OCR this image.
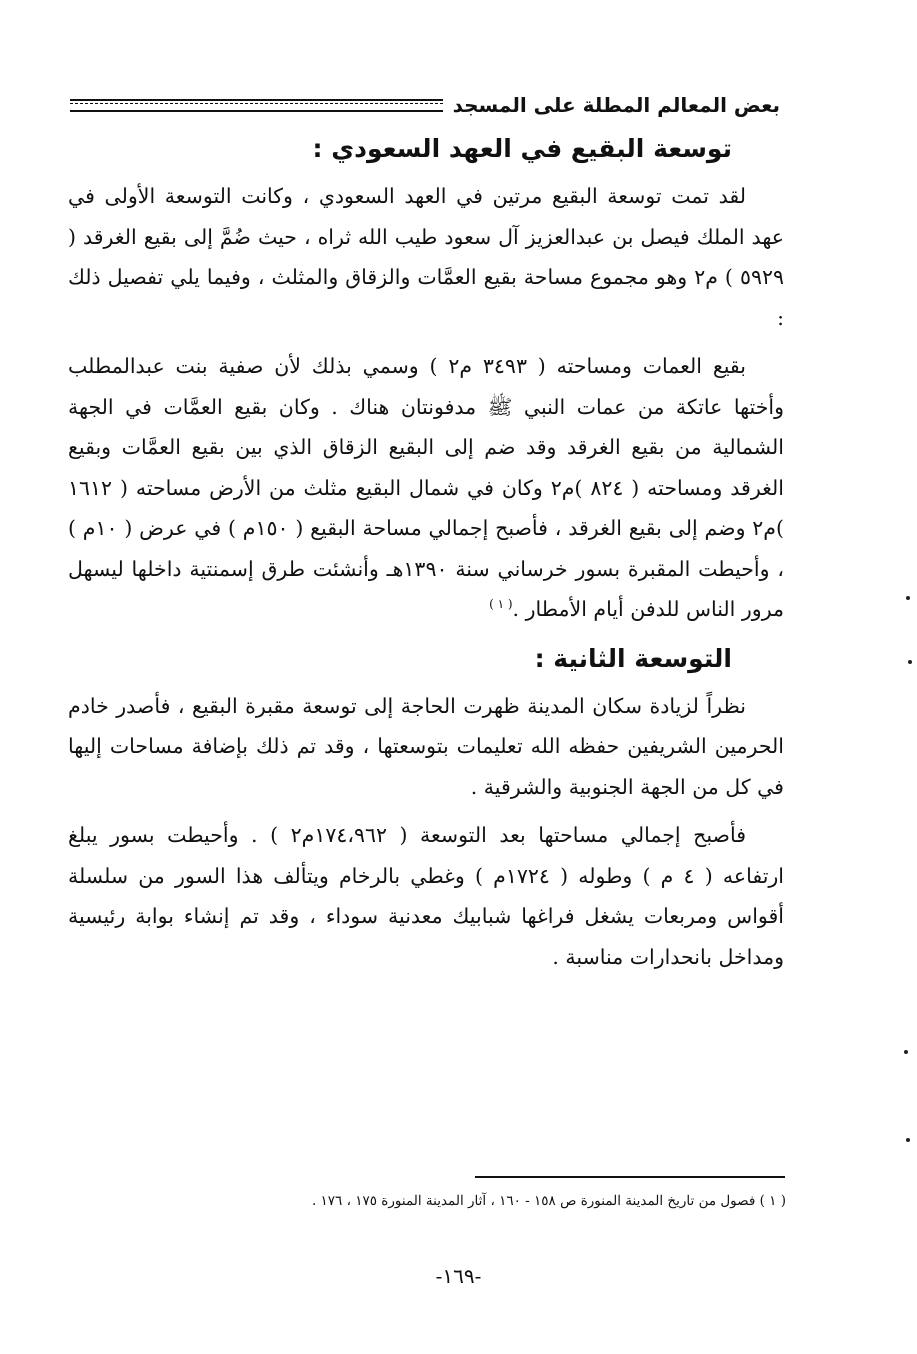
بعض المعالم المطلة على المسجد
توسعة البقيع في العهد السعودي :

لقد تمت توسعة البقيع مرتين في العهد السعودي ، وكانت التوسعة الأولى في عهد الملك فيصل بن عبدالعزيز آل سعود طيب الله ثراه ، حيث ضُمَّ إلى بقيع الغرقد ( ٥٩٢٩ ) م٢ وهو مجموع مساحة بقيع العمَّات والزقاق والمثلث ، وفيما يلي تفصيل ذلك :

بقيع العمات ومساحته ( ٣٤٩٣ م٢ ) وسمي بذلك لأن صفية بنت عبدالمطلب وأختها عاتكة من عمات النبي ﷺ مدفونتان هناك . وكان بقيع العمَّات في الجهة الشمالية من بقيع الغرقد وقد ضم إلى البقيع الزقاق الذي بين بقيع العمَّات وبقيع الغرقد ومساحته ( ٨٢٤ )م٢ وكان في شمال البقيع مثلث من الأرض مساحته ( ١٦١٢ )م٢ وضم إلى بقيع الغرقد ، فأصبح إجمالي مساحة البقيع ( ١٥٠م ) في عرض ( ١٠م ) ، وأحيطت المقبرة بسور خرساني سنة ١٣٩٠هـ وأنشئت طرق إسمنتية داخلها ليسهل مرور الناس للدفن أيام الأمطار .$^{( ١ )}$

التوسعة الثانية :

نظراً لزيادة سكان المدينة ظهرت الحاجة إلى توسعة مقبرة البقيع ، فأصدر خادم الحرمين الشريفين حفظه الله تعليمات بتوسعتها ، وقد تم ذلك بإضافة مساحات إليها في كل من الجهة الجنوبية والشرقية .

فأصبح إجمالي مساحتها بعد التوسعة ( ١٧٤،٩٦٢م٢ ) . وأحيطت بسور يبلغ ارتفاعه ( ٤ م ) وطوله ( ١٧٢٤م ) وغطي بالرخام ويتألف هذا السور من سلسلة أقواس ومربعات يشغل فراغها شبابيك معدنية سوداء ، وقد تم إنشاء بوابة رئيسية ومداخل بانحدارات مناسبة .

( ١ ) فصول من تاريخ المدينة المنورة ص ١٥٨ - ١٦٠ ، آثار المدينة المنورة ١٧٥ ، ١٧٦ .
-١٦٩-
